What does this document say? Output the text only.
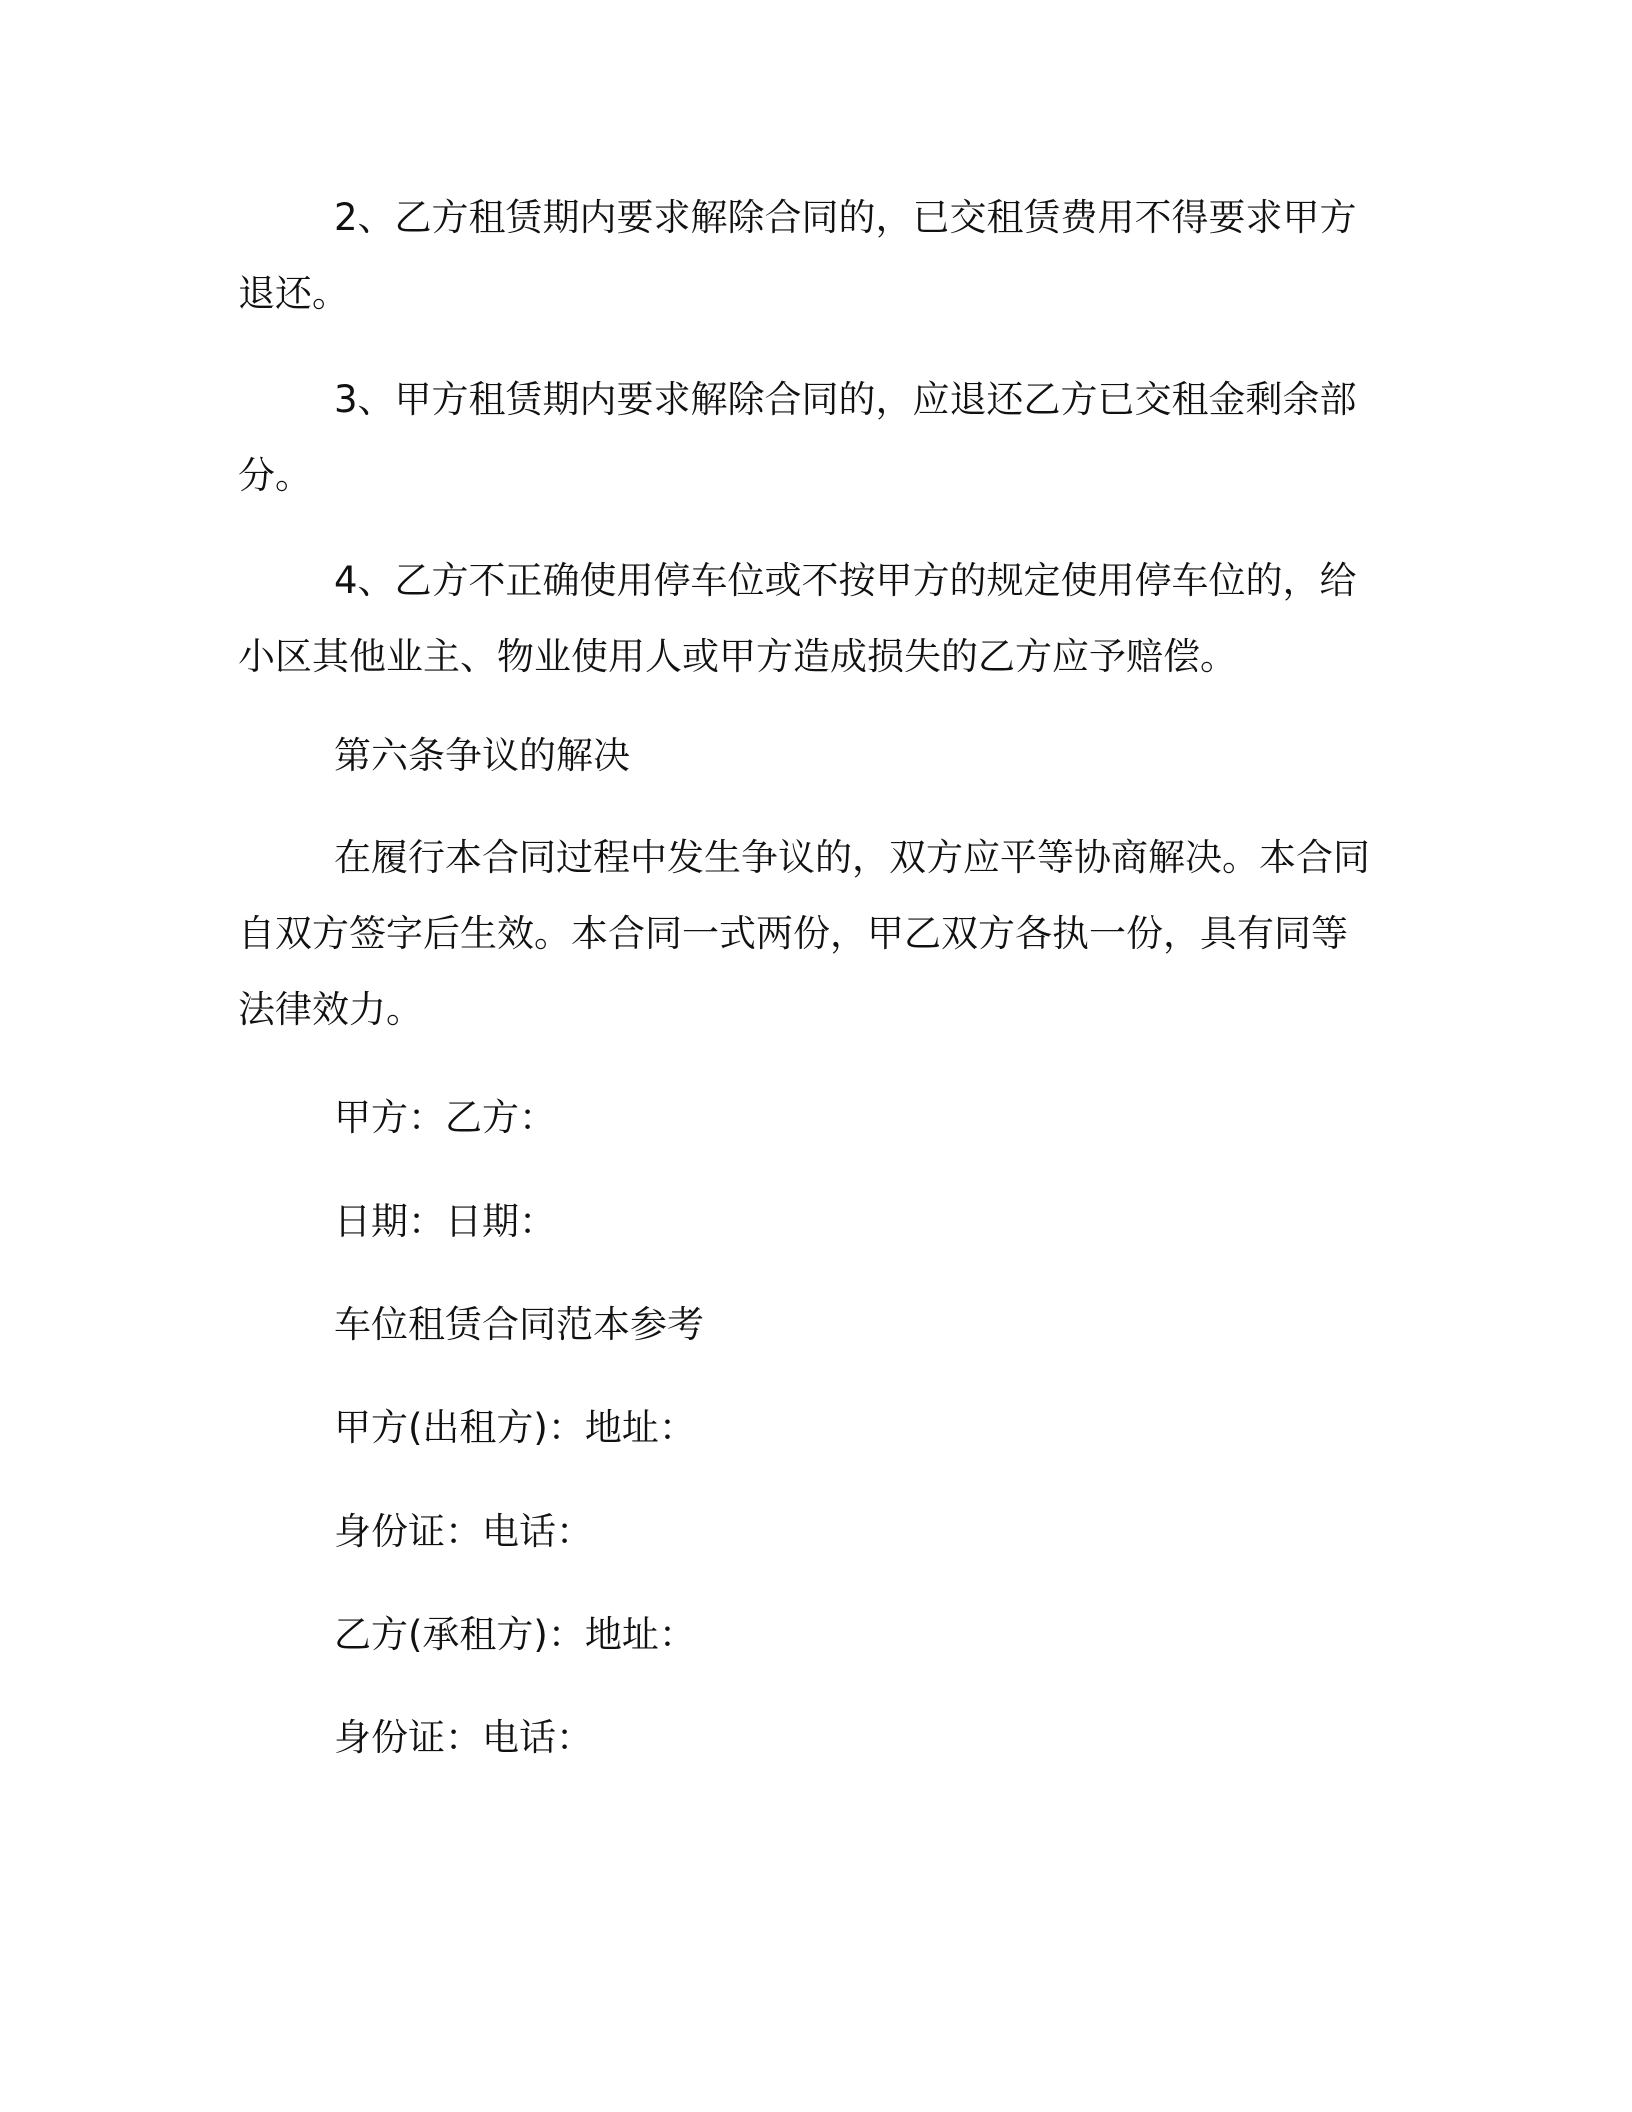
2、乙方租赁期内要求解除合同的，已交租赁费用不得要求甲方退还。

3、甲方租赁期内要求解除合同的，应退还乙方已交租金剩余部分。

4、乙方不正确使用停车位或不按甲方的规定使用停车位的，给小区其他业主、物业使用人或甲方造成损失的乙方应予赔偿。

第六条争议的解决

在履行本合同过程中发生争议的，双方应平等协商解决。本合同自双方签字后生效。本合同一式两份，甲乙双方各执一份，具有同等法律效力。

甲方：乙方：

日期：日期：

车位租赁合同范本参考

甲方(出租方)：地址：

身份证：电话：

乙方(承租方)：地址：

身份证：电话：
